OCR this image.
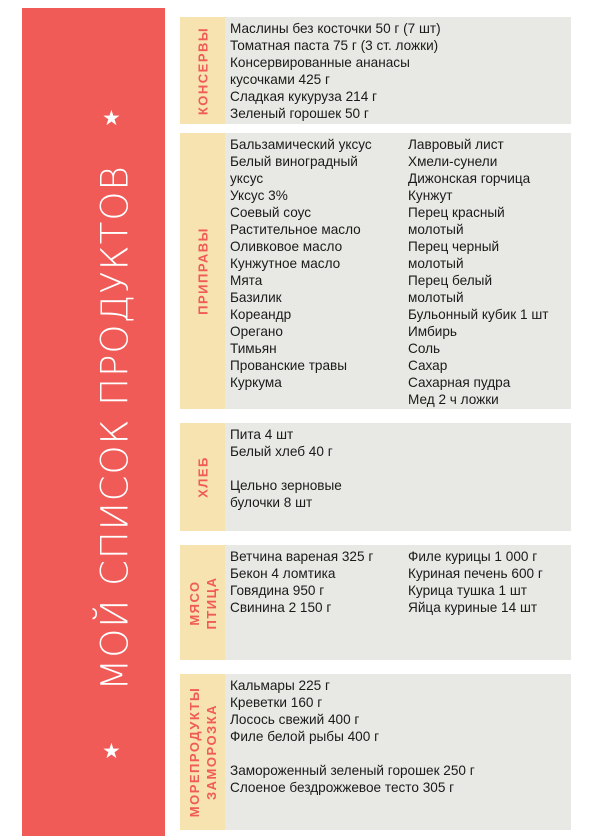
★
МОЙ СПИСОК ПРОДУКТОВ
★
КОНСЕРВЫ Маслины без косточки 50 г (7 шт)
Томатная паста 75 г (3 ст. ложки)
Консервированные ананасы
кусочками 425 г
Сладкая кукуруза 214 г
Зеленый горошек 50 г
ПРИПРАВЫ
Бальзамический уксус
Белый виноградный
уксус
Уксус 3%
Соевый соус
Растительное масло
Оливковое масло
Кунжутное масло
Мята
Базилик
Кореандр
Орегано
Тимьян
Прованские травы
Куркума
Лавровый лист
Хмели-сунели
Дижонская горчица
Кунжут
Перец красный
молотый
Перец черный
молотый
Перец белый
молотый
Бульонный кубик 1 шт
Имбирь
Соль
Сахар
Сахарная пудра
Мед 2 ч ложки
ХЛЕБ
Пита 4 шт
Белый хлеб 40 г
Цельно зерновые
булочки 8 шт
МЯСО ПТИЦА
Ветчина вареная 325 г
Бекон 4 ломтика
Говядина 950 г
Свинина 2 150 г
Филе курицы 1 000 г
Куриная печень 600 г
Курица тушка 1 шт
Яйца куриные 14 шт
МОРЕПРОДУКТЫ ЗАМОРОЗКА
Кальмары 225 г
Креветки 160 г
Лосось свежий 400 г
Филе белой рыбы 400 г
Замороженный зеленый горошек 250 г
Слоеное бездрожжевое тесто 305 г
